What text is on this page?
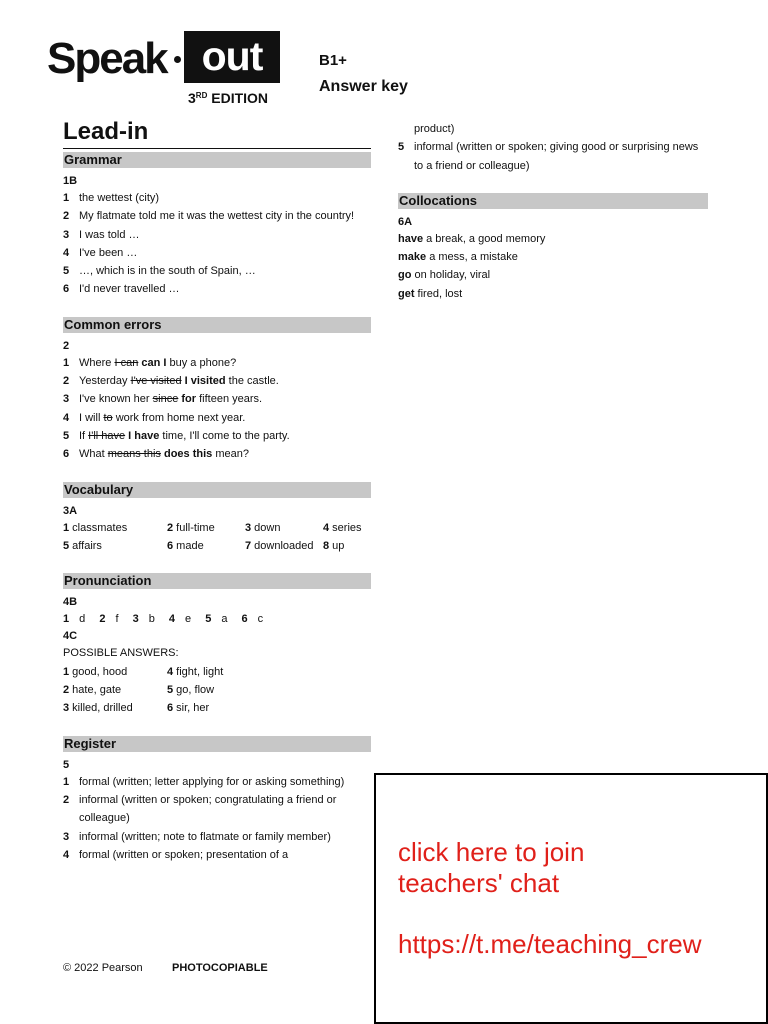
Speak out
3RD EDITION
B1+
Answer key
Lead-in
Grammar
1B
1 the wettest (city)
2 My flatmate told me it was the wettest city in the country!
3 I was told …
4 I've been …
5 …, which is in the south of Spain, …
6 I'd never travelled …
Common errors
2
1 Where I can can I buy a phone?
2 Yesterday I've visited I visited the castle.
3 I've known her since for fifteen years.
4 I will to work from home next year.
5 If I'll have I have time, I'll come to the party.
6 What means this does this mean?
Vocabulary
3A
1 classmates	2 full-time	3 down	4 series
5 affairs	6 made	7 downloaded 8 up
Pronunciation
4B
1 d	2 f	3 b	4 e	5 a	6 c
4C
POSSIBLE ANSWERS:
1 good, hood	4 fight, light
2 hate, gate	5 go, flow
3 killed, drilled	6 sir, her
Register
5
1 formal (written; letter applying for or asking something)
2 informal (written or spoken; congratulating a friend or colleague)
3 informal (written; note to flatmate or family member)
4 formal (written or spoken; presentation of a
product)
5 informal (written or spoken; giving good or surprising news to a friend or colleague)
Collocations
6A
have a break, a good memory
make a mess, a mistake
go on holiday, viral
get fired, lost
© 2022 Pearson	PHOTOCOPIABLE
click here to join
teachers' chat
https://t.me/teaching_crew
